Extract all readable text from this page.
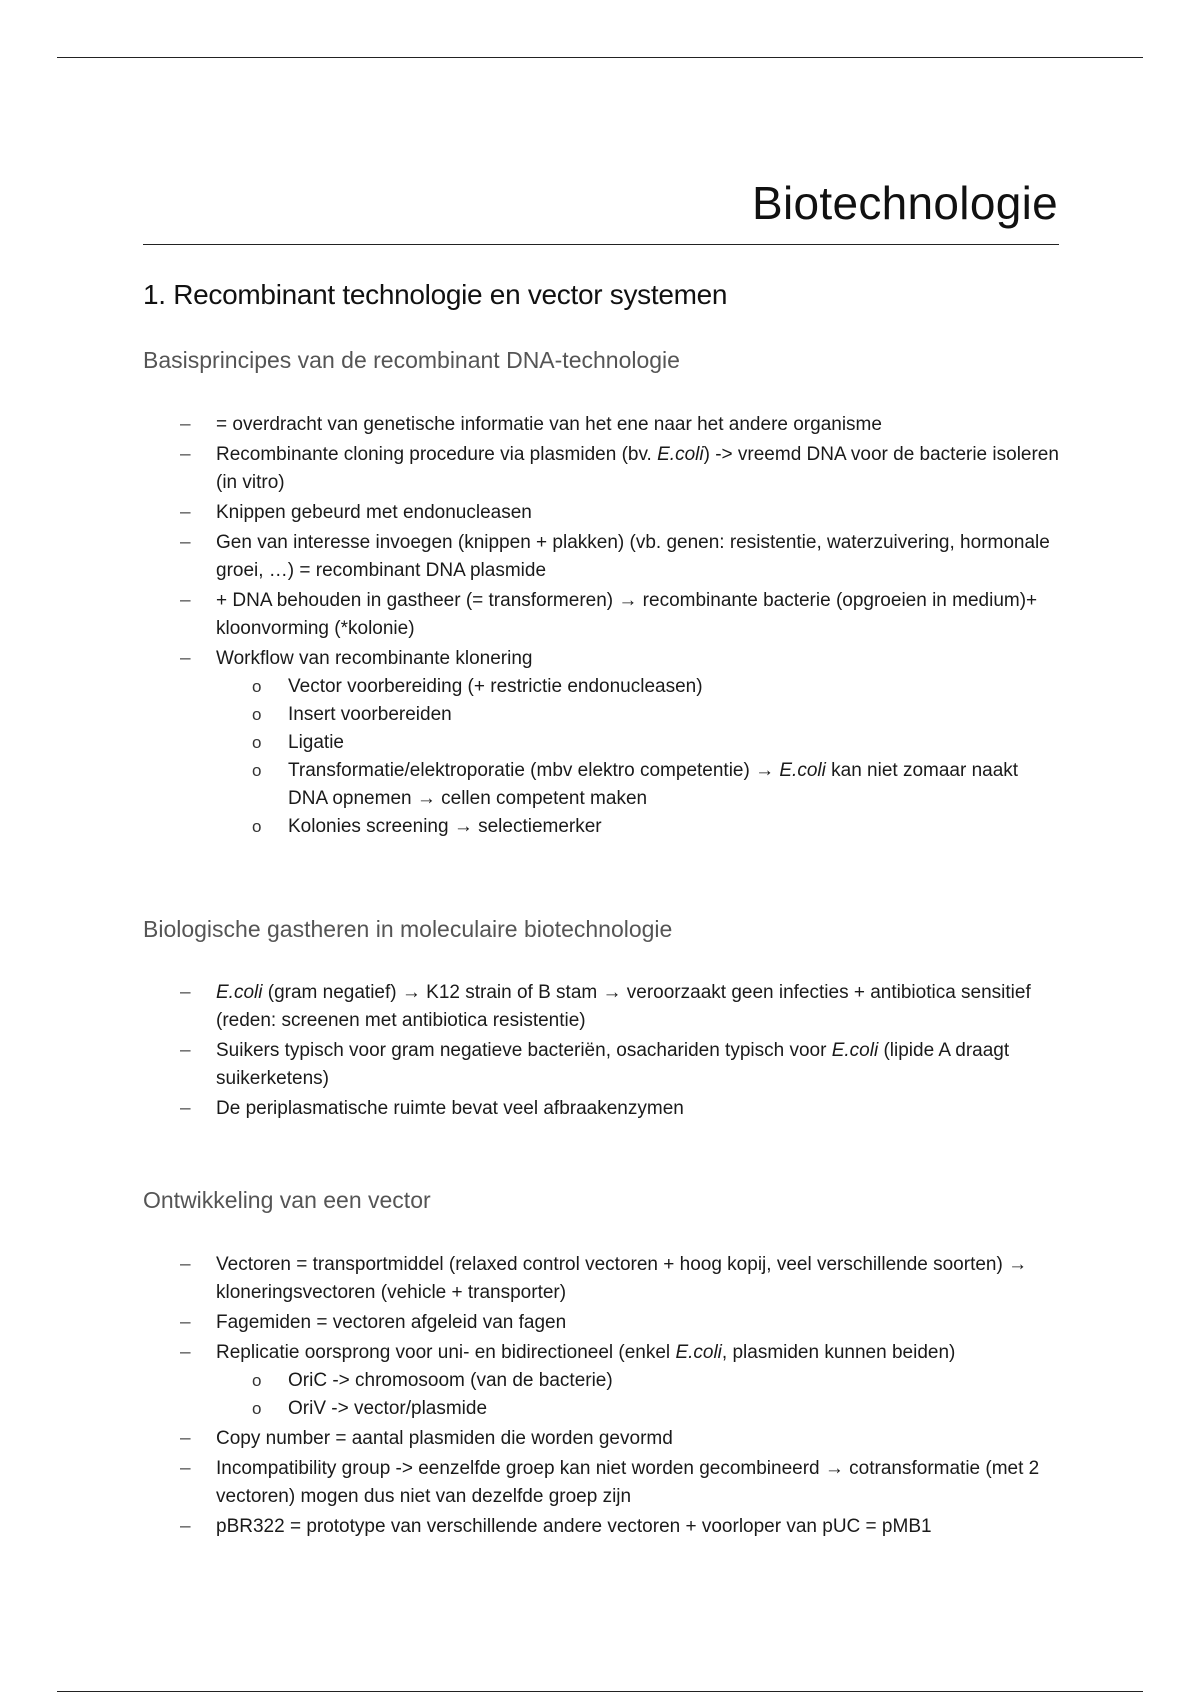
Biotechnologie
1. Recombinant technologie en vector systemen
Basisprincipes van de recombinant DNA-technologie
– = overdracht van genetische informatie van het ene naar het andere organisme
– Recombinante cloning procedure via plasmiden (bv. E.coli) -> vreemd DNA voor de bacterie isoleren (in vitro)
– Knippen gebeurd met endonucleasen
– Gen van interesse invoegen (knippen + plakken) (vb. genen: resistentie, waterzuivering, hormonale groei, …) = recombinant DNA plasmide
– + DNA behouden in gastheer (= transformeren) → recombinante bacterie (opgroeien in medium)+ kloonvorming (*kolonie)
– Workflow van recombinante klonering
o Vector voorbereiding (+ restrictie endonucleasen)
o Insert voorbereiden
o Ligatie
o Transformatie/elektroporatie (mbv elektro competentie) → E.coli kan niet zomaar naakt DNA opnemen → cellen competent maken
o Kolonies screening → selectiemerker
Biologische gastheren in moleculaire biotechnologie
– E.coli (gram negatief) → K12 strain of B stam → veroorzaakt geen infecties + antibiotica sensitief (reden: screenen met antibiotica resistentie)
– Suikers typisch voor gram negatieve bacteriën, osachariden typisch voor E.coli (lipide A draagt suikerketens)
– De periplasmatische ruimte bevat veel afbraakenzymen
Ontwikkeling van een vector
– Vectoren = transportmiddel (relaxed control vectoren + hoog kopij, veel verschillende soorten) → kloneringsvectoren (vehicle + transporter)
– Fagemiden = vectoren afgeleid van fagen
– Replicatie oorsprong voor uni- en bidirectioneel (enkel E.coli, plasmiden kunnen beiden)
o OriC -> chromosoom (van de bacterie)
o OriV -> vector/plasmide
– Copy number = aantal plasmiden die worden gevormd
– Incompatibility group -> eenzelfde groep kan niet worden gecombineerd → cotransformatie (met 2 vectoren) mogen dus niet van dezelfde groep zijn
– pBR322 = prototype van verschillende andere vectoren + voorloper van pUC = pMB1
